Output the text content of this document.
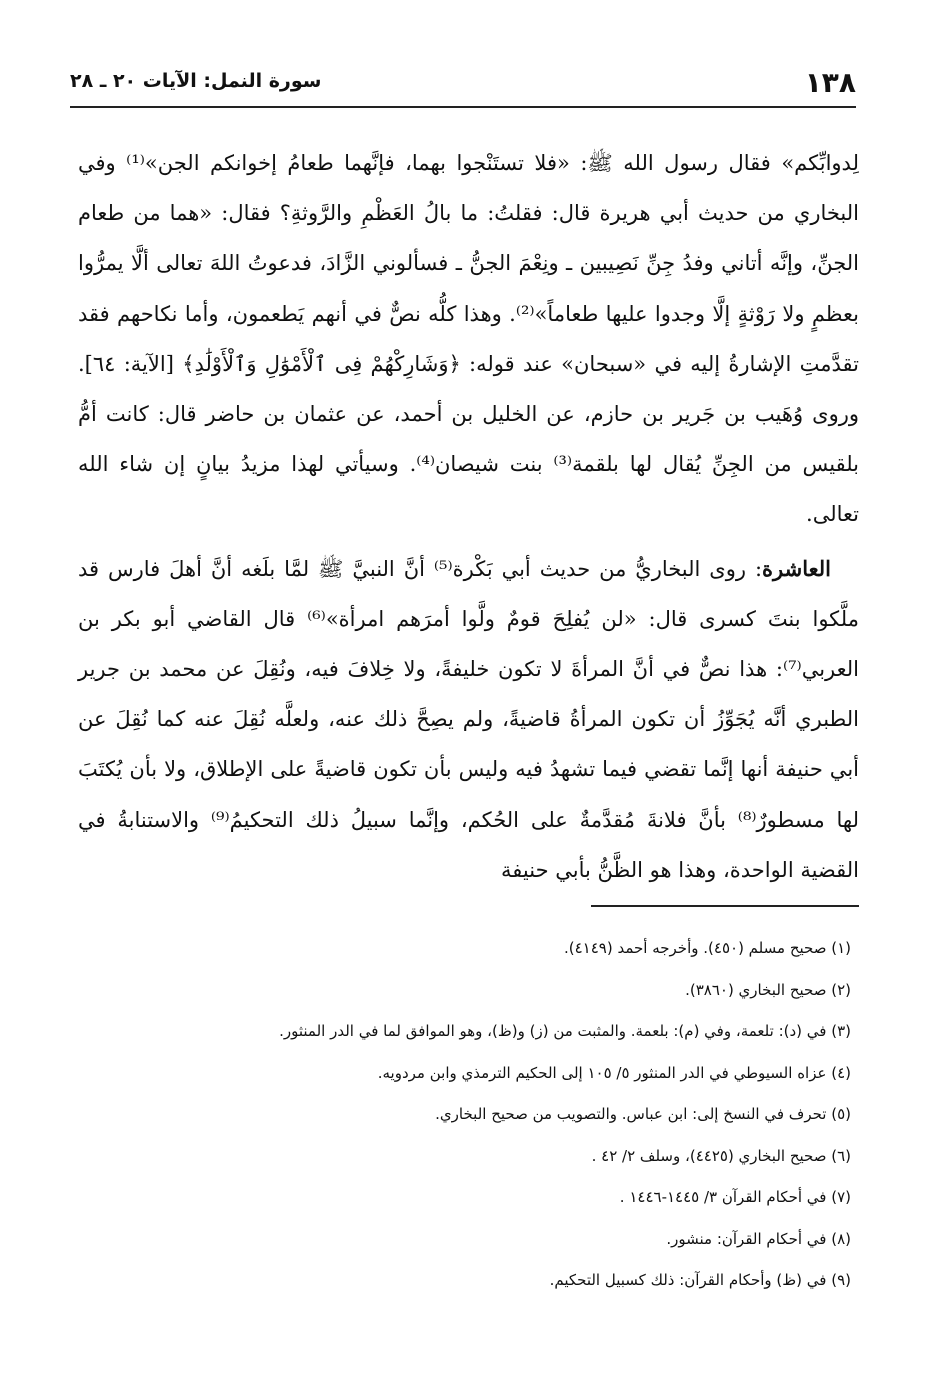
١٣٨
سورة النمل: الآيات ٢٠ ـ ٢٨

لِدوابِّكم» فقال رسول الله ﷺ: «فلا تستَنْجوا بهما، فإنَّهما طعامُ إخوانكم الجن»⁽¹⁾ وفي البخاري من حديث أبي هريرة قال: فقلتُ: ما بالُ العَظْمِ والرَّوثةِ؟ فقال: «هما من طعام الجنِّ، وإنَّه أتاني وفدُ جِنِّ نَصِيبين ـ ونِعْمَ الجنُّ ـ فسألوني الزَّادَ، فدعوتُ اللهَ تعالى ألَّا يمرُّوا بعظمٍ ولا رَوْثةٍ إلَّا وجدوا عليها طعاماً»⁽²⁾. وهذا كلُّه نصٌّ في أنهم يَطعمون، وأما نكاحهم فقد تقدَّمتِ الإشارةُ إليه في «سبحان» عند قوله: ﴿وَشَارِكْهُمْ فِى ٱلْأَمْوَٰلِ وَٱلْأَوْلَٰدِ﴾ [الآية: ٦٤]. وروى وُهَيب بن جَرير بن حازم، عن الخليل بن أحمد، عن عثمان بن حاضر قال: كانت أمُّ بلقيس من الجِنِّ يُقال لها بلقمة⁽³⁾ بنت شيصان⁽⁴⁾. وسيأتي لهذا مزيدُ بيانٍ إن شاء الله تعالى.

العاشرة: روى البخاريُّ من حديث أبي بَكْرة⁽⁵⁾ أنَّ النبيَّ ﷺ لمَّا بلَغه أنَّ أهلَ فارس قد ملَّكوا بنتَ كسرى قال: «لن يُفلِحَ قومٌ ولَّوا أمرَهم امرأة»⁽⁶⁾ قال القاضي أبو بكر بن العربي⁽⁷⁾: هذا نصٌّ في أنَّ المرأةَ لا تكون خليفةً، ولا خِلافَ فيه، ونُقِلَ عن محمد بن جرير الطبري أنَّه يُجَوِّزُ أن تكون المرأةُ قاضيةً، ولم يصِحَّ ذلك عنه، ولعلَّه نُقِلَ عنه كما نُقِلَ عن أبي حنيفة أنها إنَّما تقضي فيما تشهدُ فيه وليس بأن تكون قاضيةً على الإطلاق، ولا بأن يُكتَبَ لها مسطورٌ⁽⁸⁾ بأنَّ فلانةَ مُقدَّمةٌ على الحُكم، وإنَّما سبيلُ ذلك التحكيمُ⁽⁹⁾ والاستنابةُ في القضية الواحدة، وهذا هو الظَّنُّ بأبي حنيفة

(١) صحيح مسلم (٤٥٠). وأخرجه أحمد (٤١٤٩).
(٢) صحيح البخاري (٣٨٦٠).
(٣) في (د): تلعمة، وفي (م): بلعمة. والمثبت من (ز) و(ظ)، وهو الموافق لما في الدر المنثور.
(٤) عزاه السيوطي في الدر المنثور ٥/ ١٠٥ إلى الحكيم الترمذي وابن مردويه.
(٥) تحرف في النسخ إلى: ابن عباس. والتصويب من صحيح البخاري.
(٦) صحيح البخاري (٤٤٢٥)، وسلف ٢/ ٤٢ .
(٧) في أحكام القرآن ٣/ ١٤٤٥-١٤٤٦ .
(٨) في أحكام القرآن: منشور.
(٩) في (ظ) وأحكام القرآن: ذلك كسبيل التحكيم.
